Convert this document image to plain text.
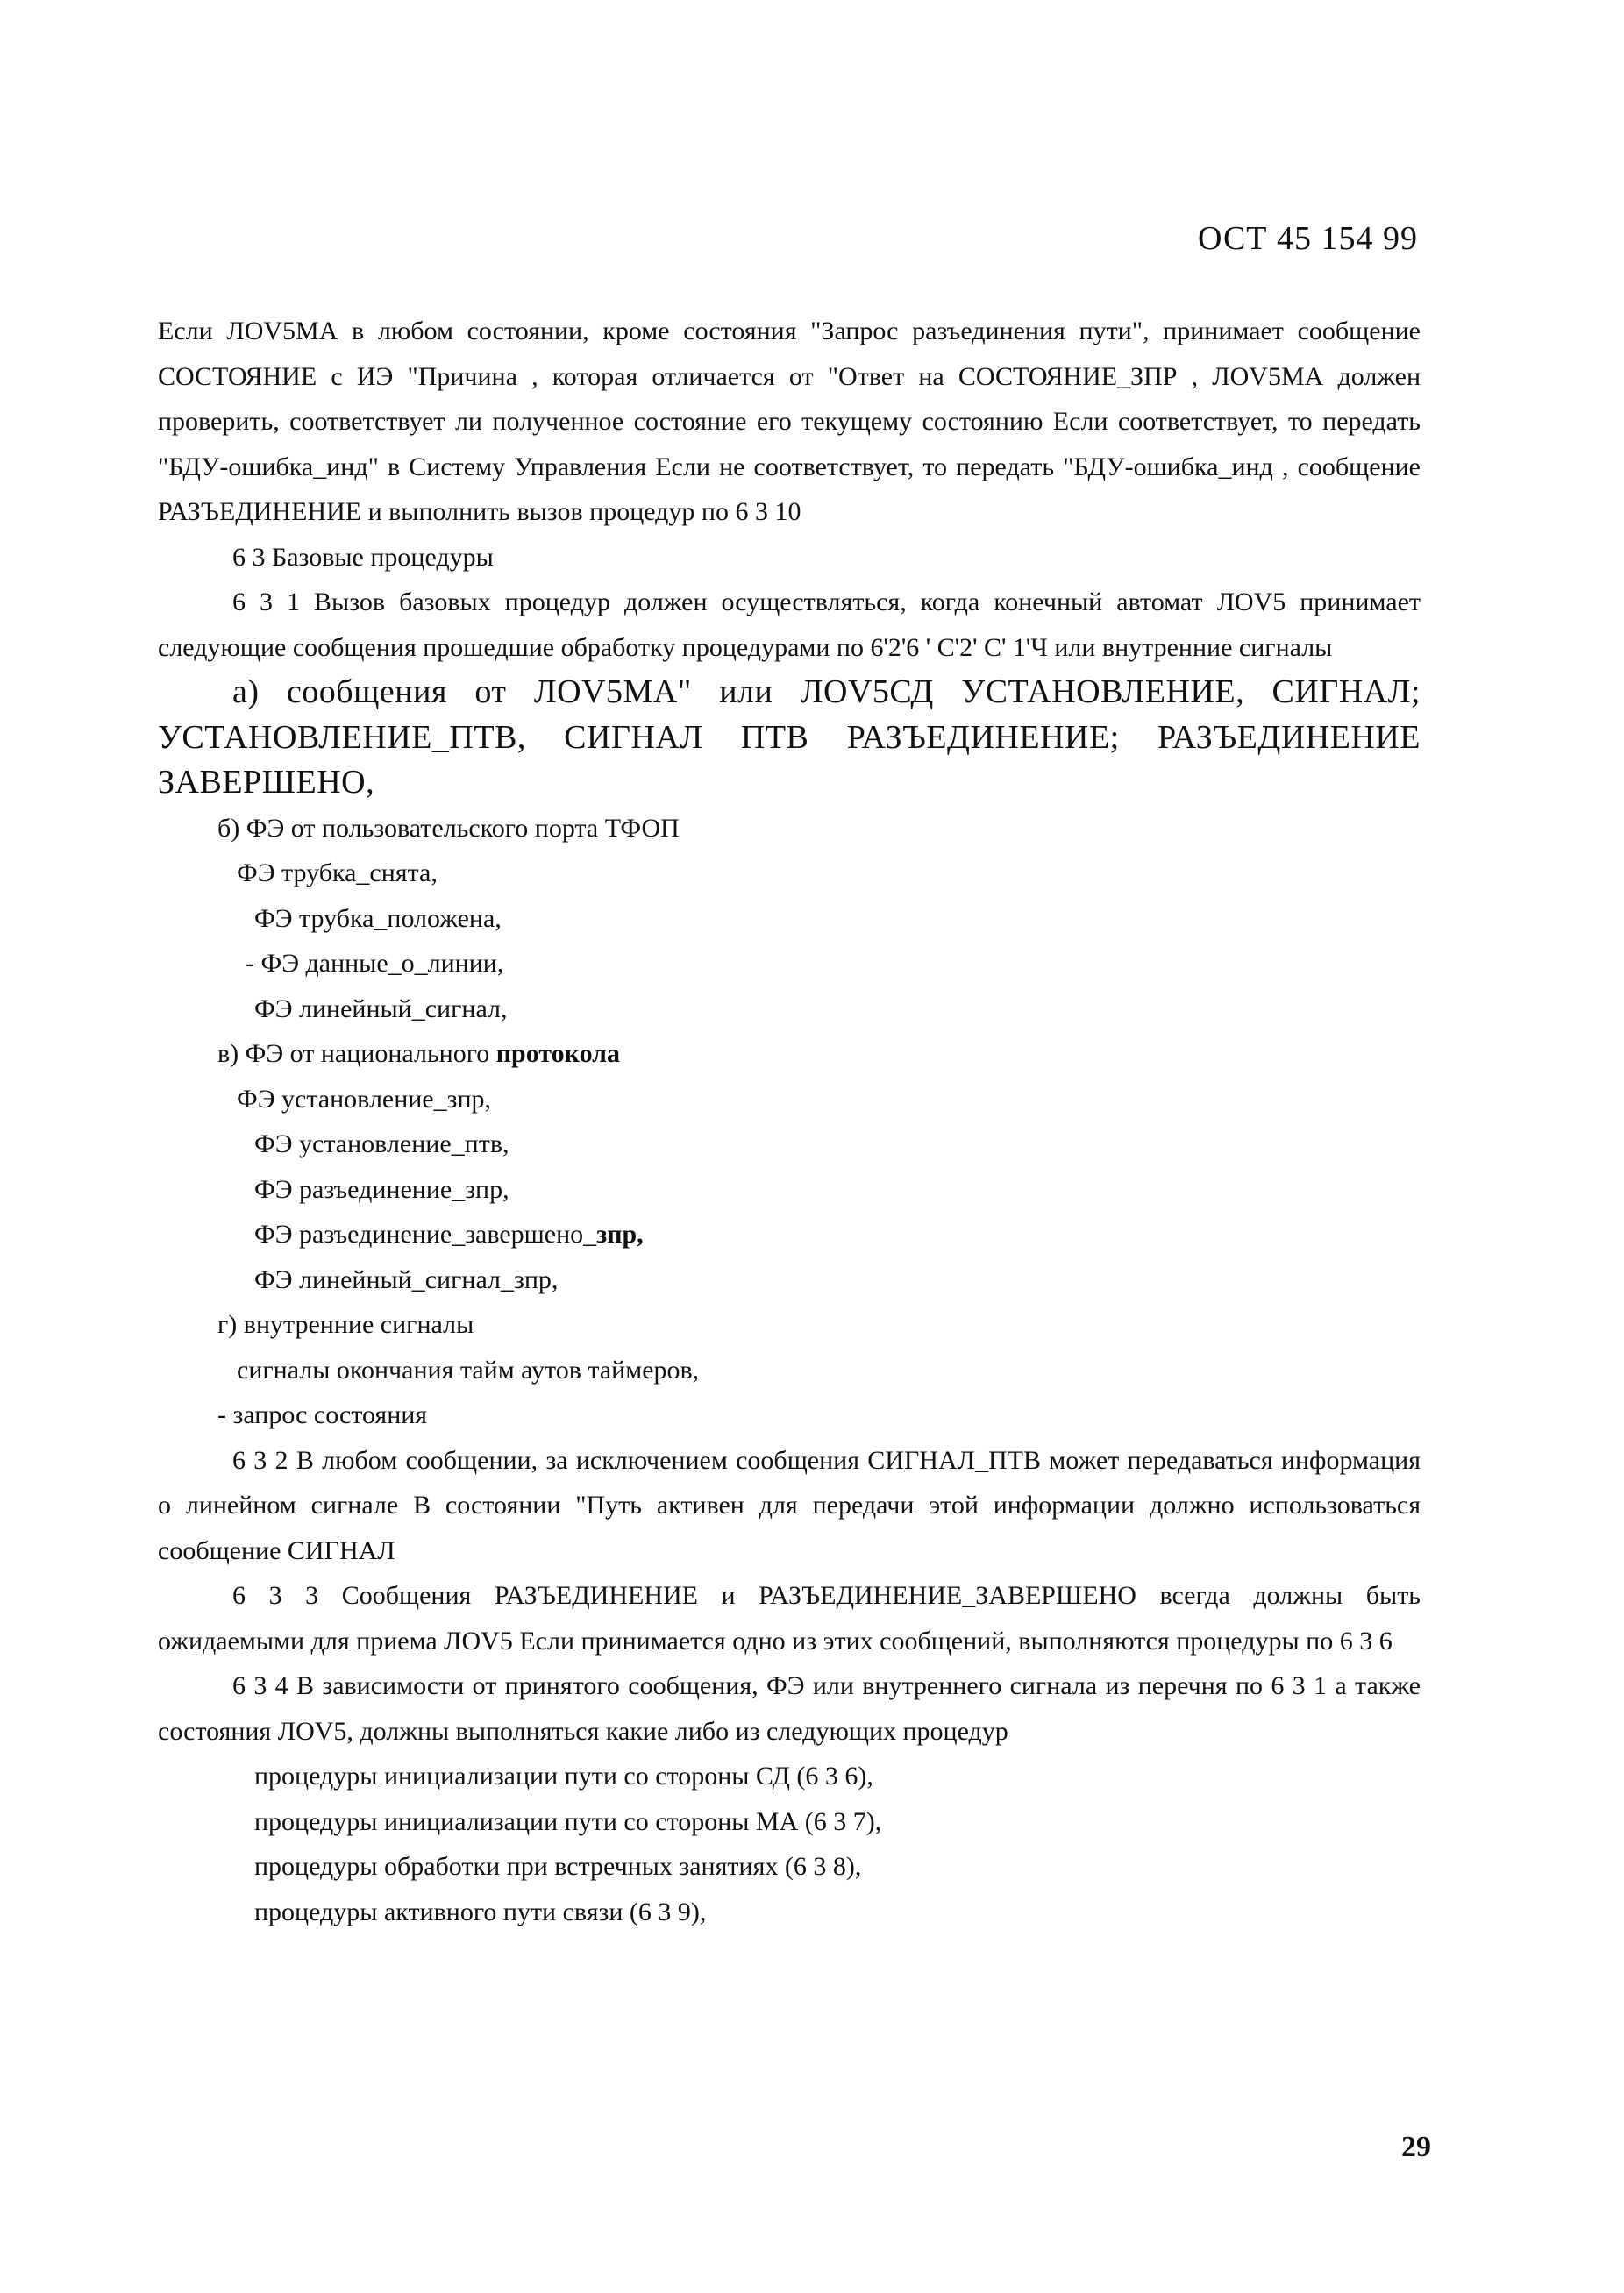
ОСТ 45 154 99

Если ЛОV5МА в любом состоянии, кроме состояния "Запрос разъединения пути", принимает сообщение СОСТОЯНИЕ с ИЭ "Причина , которая отличается от "Ответ на СОСТОЯНИЕ_ЗПР , ЛОV5МА должен проверить, соответствует ли полученное состояние его текущему состоянию Если соответствует, то передать "БДУ-ошибка_инд" в Систему Управления Если не соответствует, то передать "БДУ-ошибка_инд , сообщение РАЗЪЕДИНЕНИЕ и выполнить вызов процедур по 6 3 10

6 3 Базовые процедуры

6 3 1 Вызов базовых процедур должен осуществляться, когда конечный автомат ЛОV5 принимает следующие сообщения прошедшие обработку процедурами по 6'2'6 ' С'2' С' 1'Ч или внутренние сигналы

а) сообщения от ЛОV5МА" или ЛОV5СД УСТАНОВЛЕНИЕ, СИГНАЛ; УСТАНОВЛЕНИЕ_ПТВ, СИГНАЛ ПТВ РАЗЪЕДИНЕНИЕ; РАЗЪЕДИНЕНИЕ ЗАВЕРШЕНО,

б) ФЭ от пользовательского порта ТФОП

ФЭ трубка_снята,

ФЭ трубка_положена,

- ФЭ данные_о_линии,

ФЭ линейный_сигнал,

в) ФЭ от национального протокола

ФЭ установление_зпр,

ФЭ установление_птв,

ФЭ разъединение_зпр,

ФЭ разъединение_завершено_зпр,

ФЭ линейный_сигнал_зпр,

г) внутренние сигналы

сигналы окончания тайм аутов таймеров,

- запрос состояния

6 3 2 В любом сообщении, за исключением сообщения СИГНАЛ_ПТВ может передаваться информация о линейном сигнале В состоянии "Путь активен для передачи этой информации должно использоваться сообщение СИГНАЛ

6 3 3 Сообщения РАЗЪЕДИНЕНИЕ и РАЗЪЕДИНЕНИЕ_ЗАВЕРШЕНО всегда должны быть ожидаемыми для приема ЛОV5 Если принимается одно из этих сообщений, выполняются процедуры по 6 3 6

6 3 4 В зависимости от принятого сообщения, ФЭ или внутреннего сигнала из перечня по 6 3 1 а также состояния ЛОV5, должны выполняться какие либо из следующих процедур

процедуры инициализации пути со стороны СД (6 3 6),

процедуры инициализации пути со стороны МА (6 3 7),

процедуры обработки при встречных занятиях (6 3 8),

процедуры активного пути связи (6 3 9),

29
